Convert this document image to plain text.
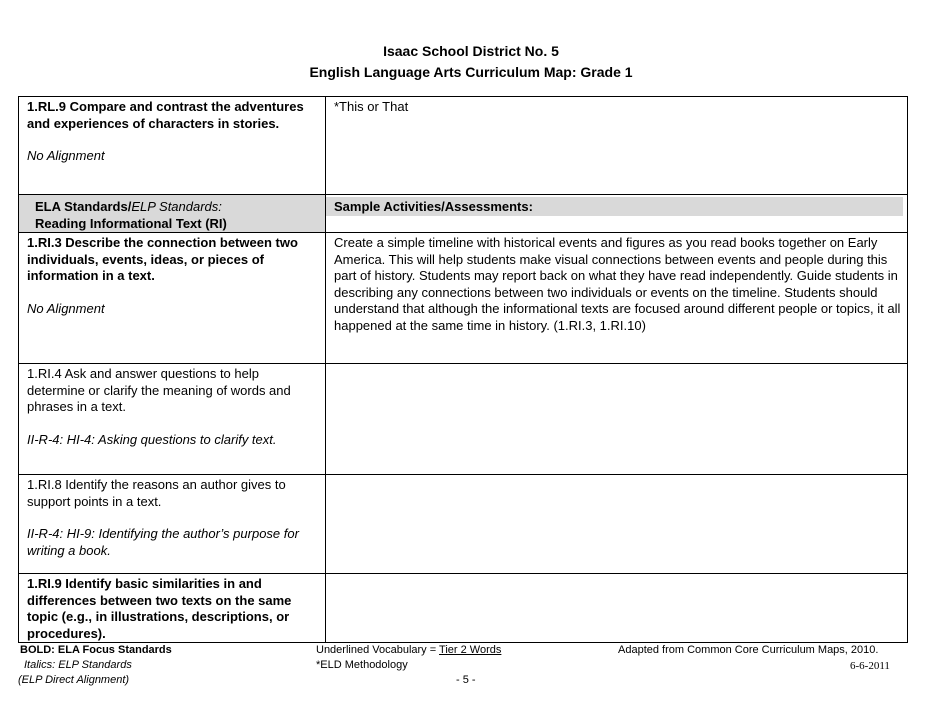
Isaac School District No. 5
English Language Arts Curriculum Map: Grade 1

1.RL.9 Compare and contrast the adventures and experiences of characters in stories.

No Alignment	*This or That

ELA Standards/ELP Standards:

Reading Informational Text (RI)	Sample Activities/Assessments:

1.RI.3 Describe the connection between two individuals, events, ideas, or pieces of information in a text.

No Alignment	Create a simple timeline with historical events and figures as you read books together on Early America. This will help students make visual connections between events and people during this part of history. Students may report back on what they have read independently. Guide students in describing any connections between two individuals or events on the timeline. Students should understand that although the informational texts are focused around different people or topics, it all happened at the same time in history. (1.RI.3, 1.RI.10)

1.RI.4 Ask and answer questions to help determine or clarify the meaning of words and phrases in a text.

II-R-4: HI-4: Asking questions to clarify text.	

1.RI.8 Identify the reasons an author gives to support points in a text.

II-R-4: HI-9: Identifying the author’s purpose for writing a book.	

1.RI.9 Identify basic similarities in and differences between two texts on the same topic (e.g., in illustrations, descriptions, or procedures).	

BOLD: ELA Focus Standards
Italics: ELP Standards
(ELP Direct Alignment)
Underlined Vocabulary = Tier 2 Words
*ELD Methodology
- 5 -
Adapted from Common Core Curriculum Maps, 2010.
6-6-2011
